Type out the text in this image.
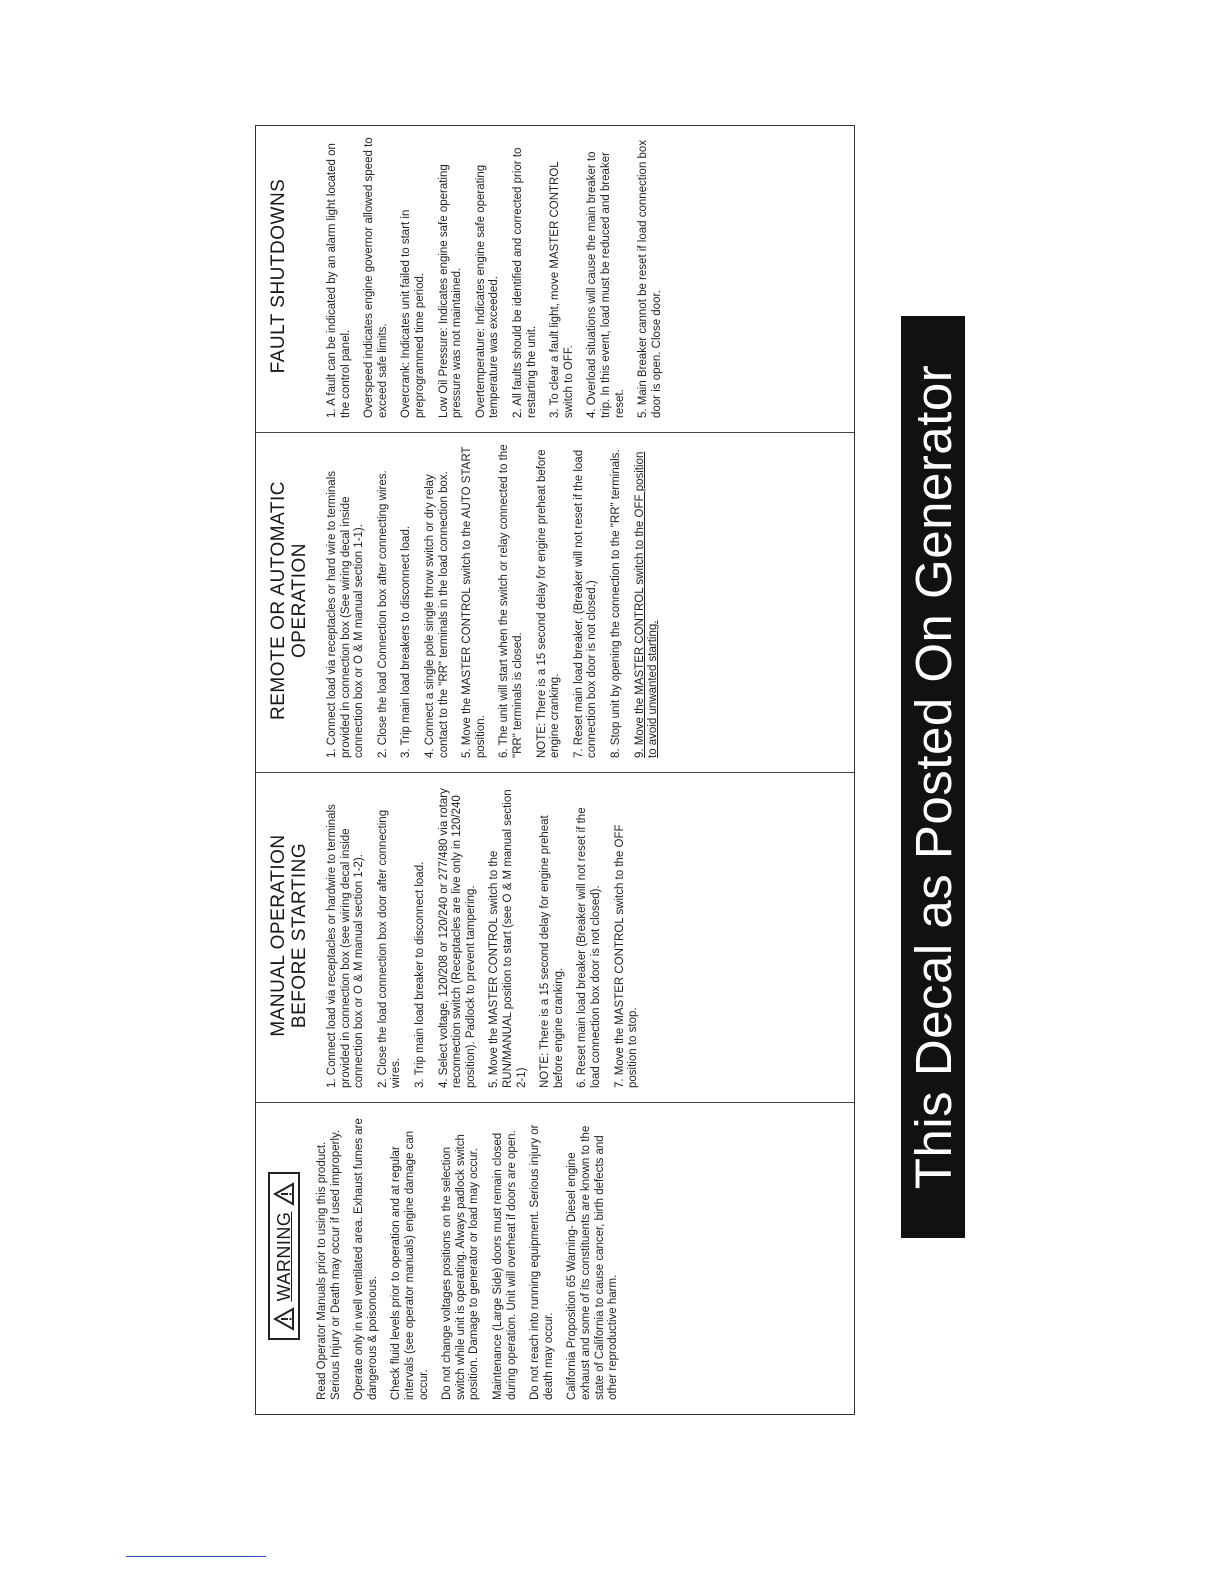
WARNING Read Operator Manuals prior to using this product. Serious Injury or Death may occur if used improperly. Operate only in well ventilated area. Exhaust fumes are dangerous & poisonous. Check fluid levels prior to operation and at regular intervals (see operator manuals) engine damage can occur. Do not change voltages positions on the selection switch while unit is operating. Always padlock switch position. Damage to generator or load may occur. Maintenance (Large Side) doors must remain closed during operation. Unit will overheat if doors are open. Do not reach into running equipment. Serious injury or death may occur. California Proposition 65 Warning- Diesel engine exhaust and some of its constituents are known to the state of California to cause cancer, birth defects and other reproductive harm.

MANUAL OPERATION BEFORE STARTING 1. Connect load via receptacles or hardwire to terminals provided in connection box (see wiring decal inside connection box or O & M manual section 1-2). 2. Close the load connection box door after connecting wires. 3. Trip main load breaker to disconnect load. 4. Select voltage, 120/208 or 120/240 or 277/480 via rotary reconnection switch (Receptacles are live only in 120/240 position). Padlock to prevent tampering. 5. Move the MASTER CONTROL switch to the RUN/MANUAL position to start (see O & M manual section 2-1) NOTE: There is a 15 second delay for engine preheat before engine cranking. 6. Reset main load breaker (Breaker will not reset if the load connection box door is not closed). 7. Move the MASTER CONTROL switch to the OFF position to stop.

REMOTE OR AUTOMATIC OPERATION 1. Connect load via receptacles or hard wire to terminals provided in connection box (See wiring decal inside connection box or O & M manual section 1-1). 2. Close the load Connection box after connecting wires. 3. Trip main load breakers to disconnect load. 4. Connect a single pole single throw switch or dry relay contact to the "RR" terminals in the load connection box. 5. Move the MASTER CONTROL switch to the AUTO START position. 6. The unit will start when the switch or relay connected to the "RR" terminals is closed. NOTE: There is a 15 second delay for engine preheat before engine cranking. 7. Reset main load breaker. (Breaker will not reset if the load connection box door is not closed.) 8. Stop unit by opening the connection to the "RR" terminals. 9. Move the MASTER CONTROL switch to the OFF position to avoid unwanted starting.

FAULT SHUTDOWNS	1. A fault can be indicated by an alarm light located on the control panel. Overspeed indicates engine governor allowed speed to exceed safe limits. Overcrank: Indicates unit failed to start in preprogrammed time period. Low Oil Pressure: Indicates engine safe operating pressure was not maintained. Overtemperature: Indicates engine safe operating temperature was exceeded. 2. All faults should be identified and corrected prior to restarting the unit. 3. To clear a fault light, move MASTER CONTROL switch to OFF. 4. Overload situations will cause the main breaker to trip. In this event, load must be reduced and breaker reset. 5. Main Breaker cannot be reset if load connection box door is open. Close door.

This Decal as Posted On Generator
